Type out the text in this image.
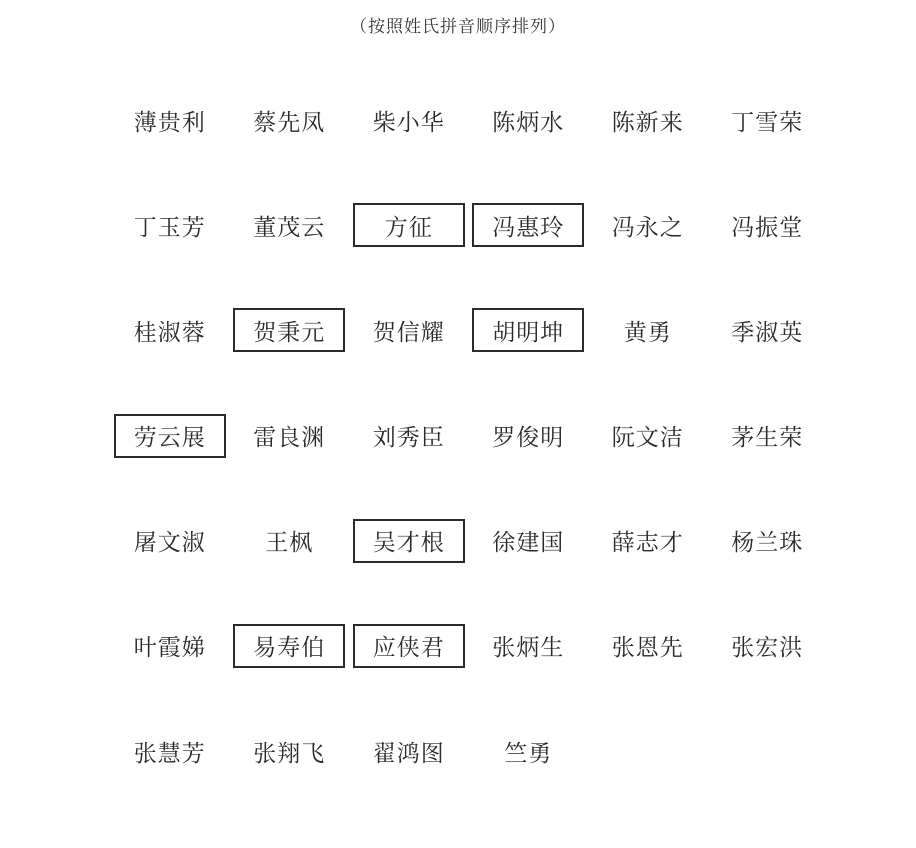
（按照姓氏拼音顺序排列）
薄贵利	蔡先凤	柴小华	陈炳水	陈新来	丁雪荣
丁玉芳	董茂云	方征	冯惠玲	冯永之	冯振堂
桂淑蓉	贺秉元	贺信耀	胡明坤	黄勇	季淑英
劳云展	雷良渊	刘秀臣	罗俊明	阮文洁	茅生荣
屠文淑	王枫	吴才根	徐建国	薛志才	杨兰珠
叶霞娣	易寿伯	应侠君	张炳生	张恩先	张宏洪
张慧芳	张翔飞	翟鸿图	竺勇
